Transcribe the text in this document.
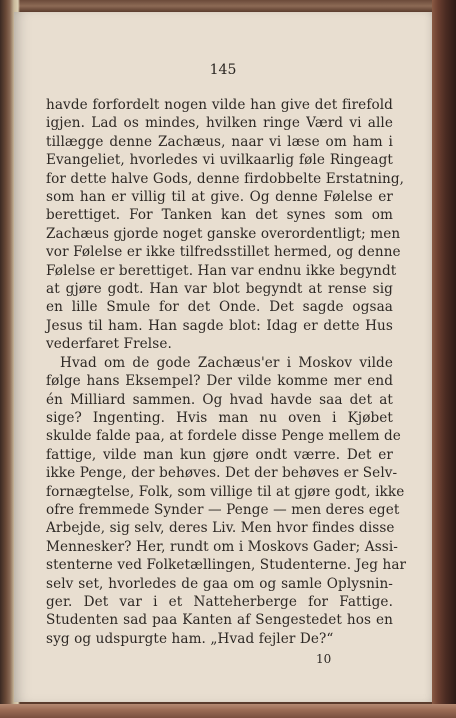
145
havde forfordelt nogen vilde han give det firefold
igjen. Lad os mindes, hvilken ringe Værd vi alle
tillægge denne Zachæus, naar vi læse om ham i
Evangeliet, hvorledes vi uvilkaarlig føle Ringeagt
for dette halve Gods, denne firdobbelte Erstatning,
som han er villig til at give. Og denne Følelse er
berettiget. For Tanken kan det synes som om
Zachæus gjorde noget ganske overordentligt; men
vor Følelse er ikke tilfredsstillet hermed, og denne
Følelse er berettiget. Han var endnu ikke begyndt
at gjøre godt. Han var blot begyndt at rense sig
en lille Smule for det Onde. Det sagde ogsaa
Jesus til ham. Han sagde blot: Idag er dette Hus
vederfaret Frelse.
Hvad om de gode Zachæus'er i Moskov vilde
følge hans Eksempel? Der vilde komme mer end
én Milliard sammen. Og hvad havde saa det at
sige? Ingenting. Hvis man nu oven i Kjøbet
skulde falde paa, at fordele disse Penge mellem de
fattige, vilde man kun gjøre ondt værre. Det er
ikke Penge, der behøves. Det der behøves er Selv-
fornægtelse, Folk, som villige til at gjøre godt, ikke
ofre fremmede Synder — Penge — men deres eget
Arbejde, sig selv, deres Liv. Men hvor findes disse
Mennesker? Her, rundt om i Moskovs Gader; Assi-
stenterne ved Folketællingen, Studenterne. Jeg har
selv set, hvorledes de gaa om og samle Oplysnin-
ger. Det var i et Natteherberge for Fattige.
Studenten sad paa Kanten af Sengestedet hos en
syg og udspurgte ham. „Hvad fejler De?“
10
